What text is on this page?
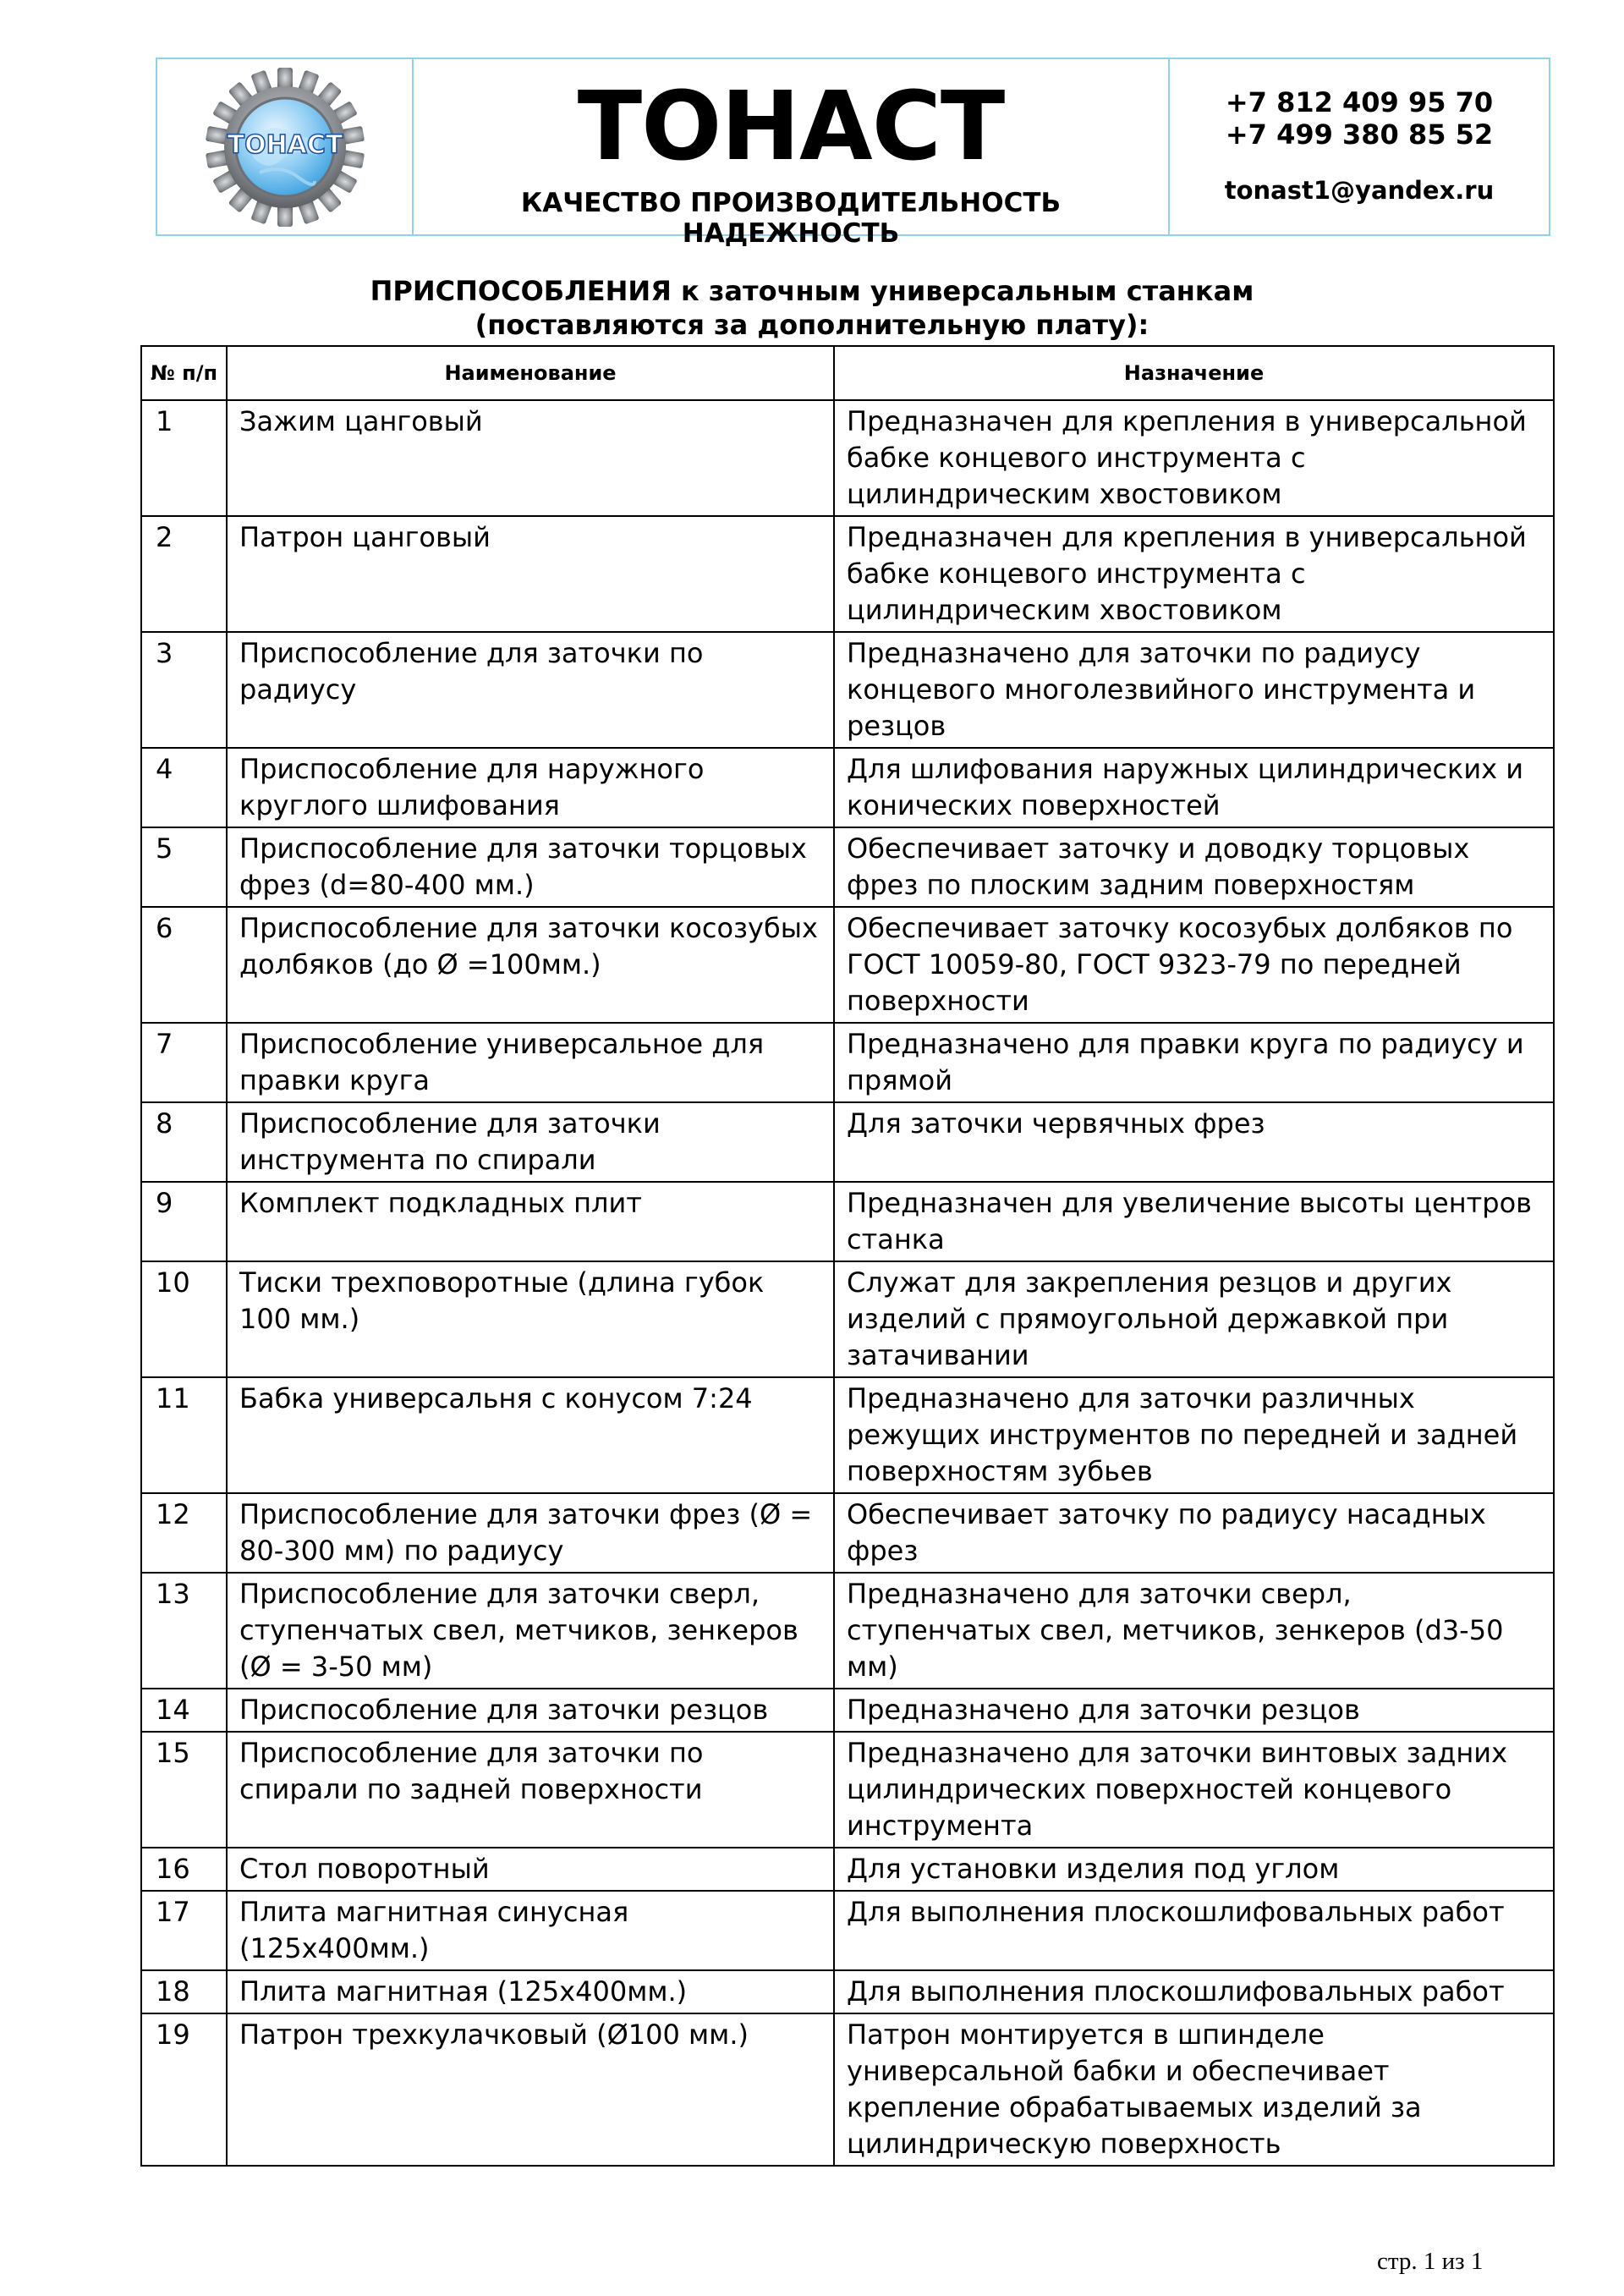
ТОНАСТ	ТОНАСТ
КАЧЕСТВО ПРОИЗВОДИТЕЛЬНОСТЬ НАДЕЖНОСТЬ
+7 812 409 95 70
+7 499 380 85 52
tonast1@yandex.ru
ПРИСПОСОБЛЕНИЯ к заточным универсальным станкам
(поставляются за дополнительную плату):
№ п/п	Наименование	Назначение
1	Зажим цанговый	Предназначен для крепления в универсальной бабке концевого инструмента с цилиндрическим хвостовиком
2	Патрон цанговый	Предназначен для крепления в универсальной бабке концевого инструмента с цилиндрическим хвостовиком
3	Приспособление для заточки по радиусу	Предназначено для заточки по радиусу концевого многолезвийного инструмента и резцов
4	Приспособление для наружного круглого шлифования	Для шлифования наружных цилиндрических и конических поверхностей
5	Приспособление для заточки торцовых фрез (d=80-400 мм.)	Обеспечивает заточку и доводку торцовых фрез по плоским задним поверхностям
6	Приспособление для заточки косозубых долбяков (до Ø =100мм.)	Обеспечивает заточку косозубых долбяков по ГОСТ 10059-80, ГОСТ 9323-79 по передней поверхности
7	Приспособление универсальное для правки круга	Предназначено для правки круга по радиусу и прямой
8	Приспособление для заточки инструмента по спирали	Для заточки червячных фрез
9	Комплект подкладных плит	Предназначен для увеличение высоты центров станка
10	Тиски трехповоротные (длина губок 100 мм.)	Служат для закрепления резцов и других изделий с прямоугольной державкой при затачивании
11	Бабка универсальня с конусом 7:24	Предназначено для заточки различных режущих инструментов по передней и задней поверхностям зубьев
12	Приспособление для заточки фрез (Ø = 80-300 мм) по радиусу	Обеспечивает заточку по радиусу насадных фрез
13	Приспособление для заточки сверл, ступенчатых свел, метчиков, зенкеров (Ø = 3-50 мм)	Предназначено для заточки сверл, ступенчатых свел, метчиков, зенкеров (d3-50 мм)
14	Приспособление для заточки резцов	Предназначено для заточки резцов
15	Приспособление для заточки по спирали по задней поверхности	Предназначено для заточки винтовых задних цилиндрических поверхностей концевого инструмента
16	Стол поворотный	Для установки изделия под углом
17	Плита магнитная синусная (125х400мм.)	Для выполнения плоскошлифовальных работ
18	Плита магнитная (125х400мм.)	Для выполнения плоскошлифовальных работ
19	Патрон трехкулачковый (Ø100 мм.)	Патрон монтируется в шпинделе универсальной бабки и обеспечивает крепление обрабатываемых изделий за цилиндрическую поверхность
стр. 1 из 1
